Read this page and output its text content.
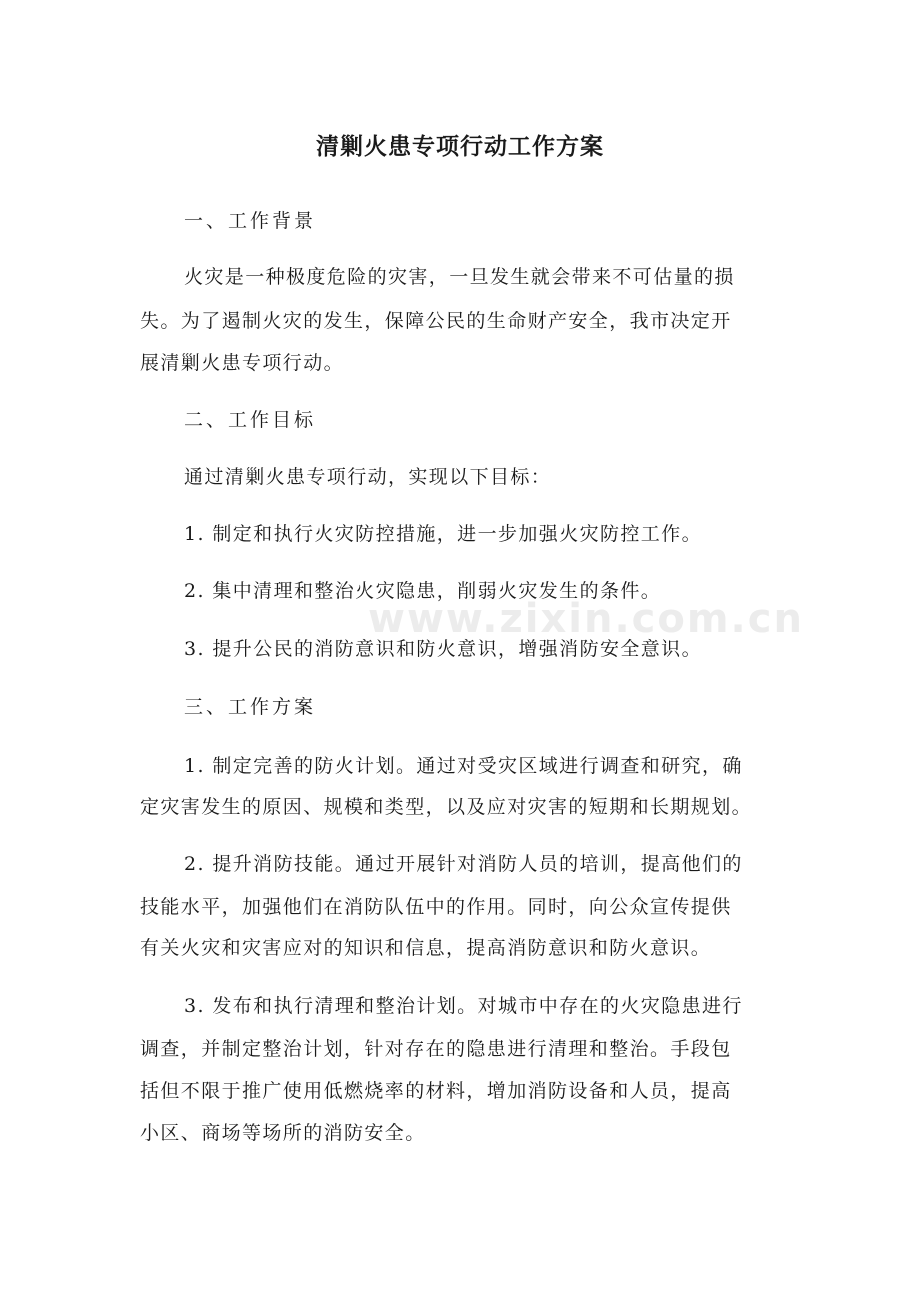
www.zixin.com.cn
清剿火患专项行动工作方案
一、工作背景
火灾是一种极度危险的灾害，一旦发生就会带来不可估量的损
失。为了遏制火灾的发生，保障公民的生命财产安全，我市决定开
展清剿火患专项行动。
二、工作目标
通过清剿火患专项行动，实现以下目标：
1. 制定和执行火灾防控措施，进一步加强火灾防控工作。
2. 集中清理和整治火灾隐患，削弱火灾发生的条件。
3. 提升公民的消防意识和防火意识，增强消防安全意识。
三、工作方案
1. 制定完善的防火计划。通过对受灾区域进行调查和研究，确
定灾害发生的原因、规模和类型，以及应对灾害的短期和长期规划。
2. 提升消防技能。通过开展针对消防人员的培训，提高他们的
技能水平，加强他们在消防队伍中的作用。同时，向公众宣传提供
有关火灾和灾害应对的知识和信息，提高消防意识和防火意识。
3. 发布和执行清理和整治计划。对城市中存在的火灾隐患进行
调查，并制定整治计划，针对存在的隐患进行清理和整治。手段包
括但不限于推广使用低燃烧率的材料，增加消防设备和人员，提高
小区、商场等场所的消防安全。
